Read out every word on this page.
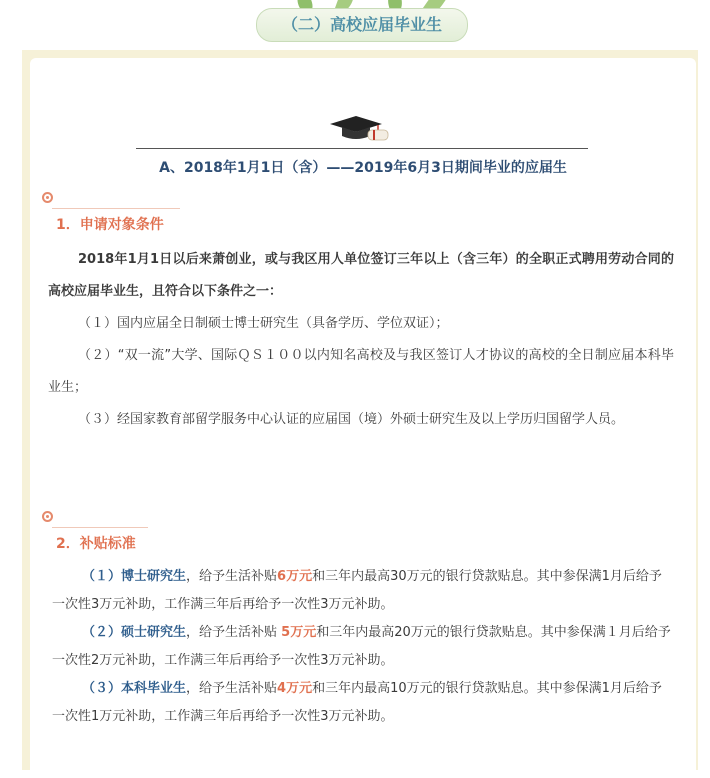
（二）高校应届毕业生
A、2018年1月1日（含）——2019年6月3日期间毕业的应届生
1．申请对象条件
2018年1月1日以后来萧创业，或与我区用人单位签订三年以上（含三年）的全职正式聘用劳动合同的高校应届毕业生，且符合以下条件之一：
（１）国内应届全日制硕士博士研究生（具备学历、学位双证）；
（２）“双一流”大学、国际ＱＳ１００以内知名高校及与我区签订人才协议的高校的全日制应届本科毕业生；
（３）经国家教育部留学服务中心认证的应届国（境）外硕士研究生及以上学历归国留学人员。
2．补贴标准
（１）博士研究生，给予生活补贴6万元和三年内最高30万元的银行贷款贴息。其中参保满1月后给予一次性3万元补助，工作满三年后再给予一次性3万元补助。
（２）硕士研究生，给予生活补贴 5万元和三年内最高20万元的银行贷款贴息。其中参保满１月后给予一次性2万元补助，工作满三年后再给予一次性3万元补助。
（３）本科毕业生，给予生活补贴4万元和三年内最高10万元的银行贷款贴息。其中参保满1月后给予一次性1万元补助，工作满三年后再给予一次性3万元补助。
